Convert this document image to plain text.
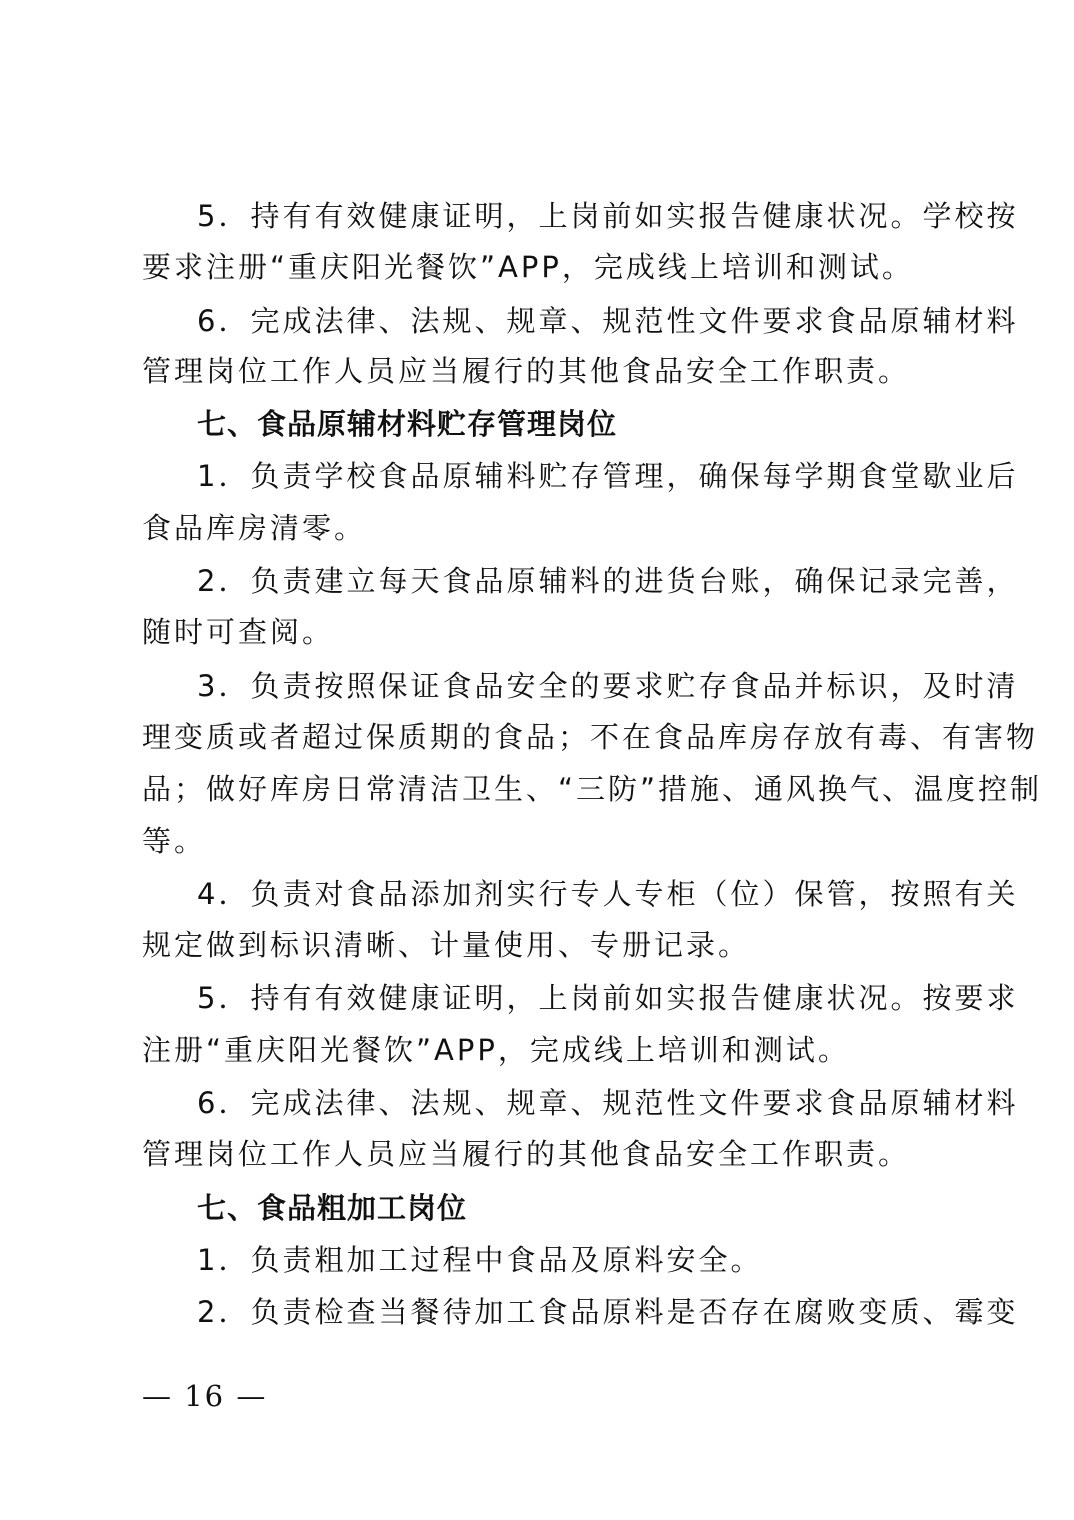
5．持有有效健康证明，上岗前如实报告健康状况。学校按
要求注册“重庆阳光餐饮”APP，完成线上培训和测试。
6．完成法律、法规、规章、规范性文件要求食品原辅材料
管理岗位工作人员应当履行的其他食品安全工作职责。
七、食品原辅材料贮存管理岗位
1．负责学校食品原辅料贮存管理，确保每学期食堂歇业后
食品库房清零。
2．负责建立每天食品原辅料的进货台账，确保记录完善，
随时可查阅。
3．负责按照保证食品安全的要求贮存食品并标识，及时清
理变质或者超过保质期的食品；不在食品库房存放有毒、有害物
品；做好库房日常清洁卫生、“三防”措施、通风换气、温度控制
等。
4．负责对食品添加剂实行专人专柜（位）保管，按照有关
规定做到标识清晰、计量使用、专册记录。
5．持有有效健康证明，上岗前如实报告健康状况。按要求
注册“重庆阳光餐饮”APP，完成线上培训和测试。
6．完成法律、法规、规章、规范性文件要求食品原辅材料
管理岗位工作人员应当履行的其他食品安全工作职责。
七、食品粗加工岗位
1．负责粗加工过程中食品及原料安全。
2．负责检查当餐待加工食品原料是否存在腐败变质、霉变
— 16 —
